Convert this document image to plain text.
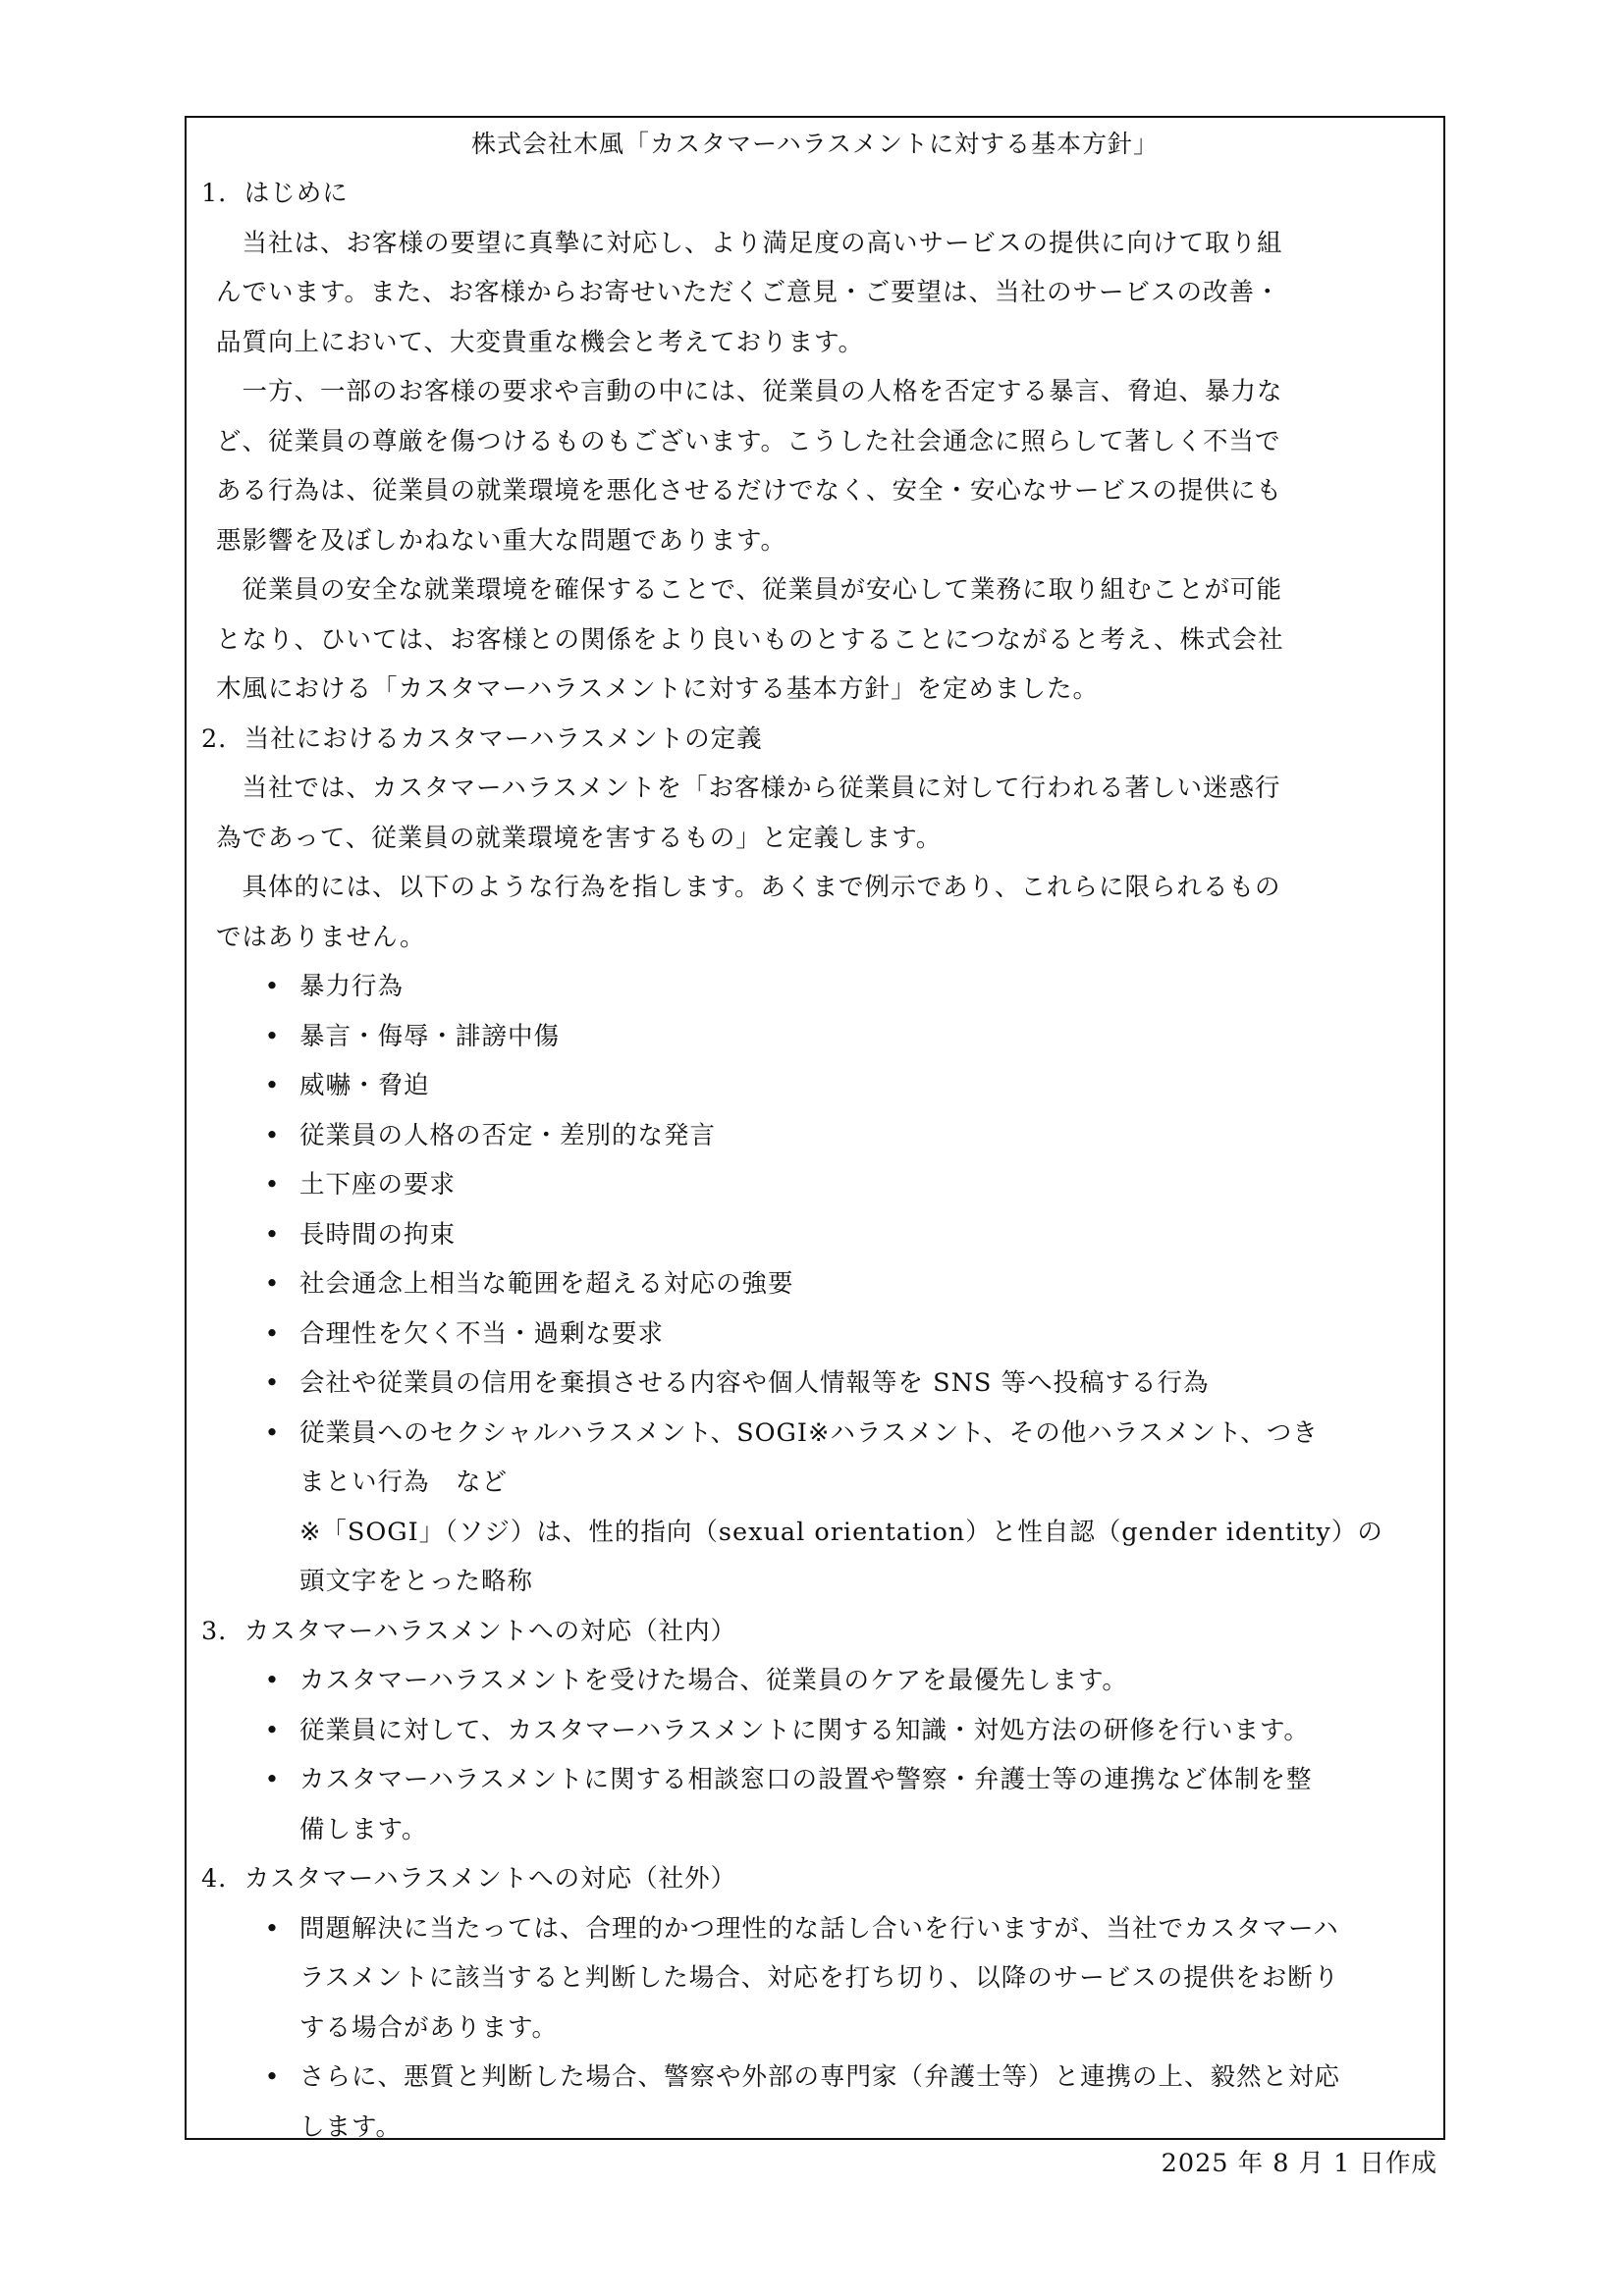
株式会社木風「カスタマーハラスメントに対する基本方針」
1．はじめに
　当社は、お客様の要望に真摯に対応し、より満足度の高いサービスの提供に向けて取り組
んでいます。また、お客様からお寄せいただくご意見・ご要望は、当社のサービスの改善・
品質向上において、大変貴重な機会と考えております。
　一方、一部のお客様の要求や言動の中には、従業員の人格を否定する暴言、脅迫、暴力な
ど、従業員の尊厳を傷つけるものもございます。こうした社会通念に照らして著しく不当で
ある行為は、従業員の就業環境を悪化させるだけでなく、安全・安心なサービスの提供にも
悪影響を及ぼしかねない重大な問題であります。
　従業員の安全な就業環境を確保することで、従業員が安心して業務に取り組むことが可能
となり、ひいては、お客様との関係をより良いものとすることにつながると考え、株式会社
木風における「カスタマーハラスメントに対する基本方針」を定めました。
2．当社におけるカスタマーハラスメントの定義
　当社では、カスタマーハラスメントを「お客様から従業員に対して行われる著しい迷惑行
為であって、従業員の就業環境を害するもの」と定義します。
　具体的には、以下のような行為を指します。あくまで例示であり、これらに限られるもの
ではありません。
• 暴力行為
• 暴言・侮辱・誹謗中傷
• 威嚇・脅迫
• 従業員の人格の否定・差別的な発言
• 土下座の要求
• 長時間の拘束
• 社会通念上相当な範囲を超える対応の強要
• 合理性を欠く不当・過剰な要求
• 会社や従業員の信用を棄損させる内容や個人情報等を SNS 等へ投稿する行為
• 従業員へのセクシャルハラスメント、SOGI※ハラスメント、その他ハラスメント、つき
まとい行為　など
※「SOGI」（ソジ）は、性的指向（sexual orientation）と性自認（gender identity）の
頭文字をとった略称
3．カスタマーハラスメントへの対応（社内）
• カスタマーハラスメントを受けた場合、従業員のケアを最優先します。
• 従業員に対して、カスタマーハラスメントに関する知識・対処方法の研修を行います。
• カスタマーハラスメントに関する相談窓口の設置や警察・弁護士等の連携など体制を整
備します。
4．カスタマーハラスメントへの対応（社外）
• 問題解決に当たっては、合理的かつ理性的な話し合いを行いますが、当社でカスタマーハ
ラスメントに該当すると判断した場合、対応を打ち切り、以降のサービスの提供をお断り
する場合があります。
• さらに、悪質と判断した場合、警察や外部の専門家（弁護士等）と連携の上、毅然と対応
します。
2025 年 8 月 1 日作成
